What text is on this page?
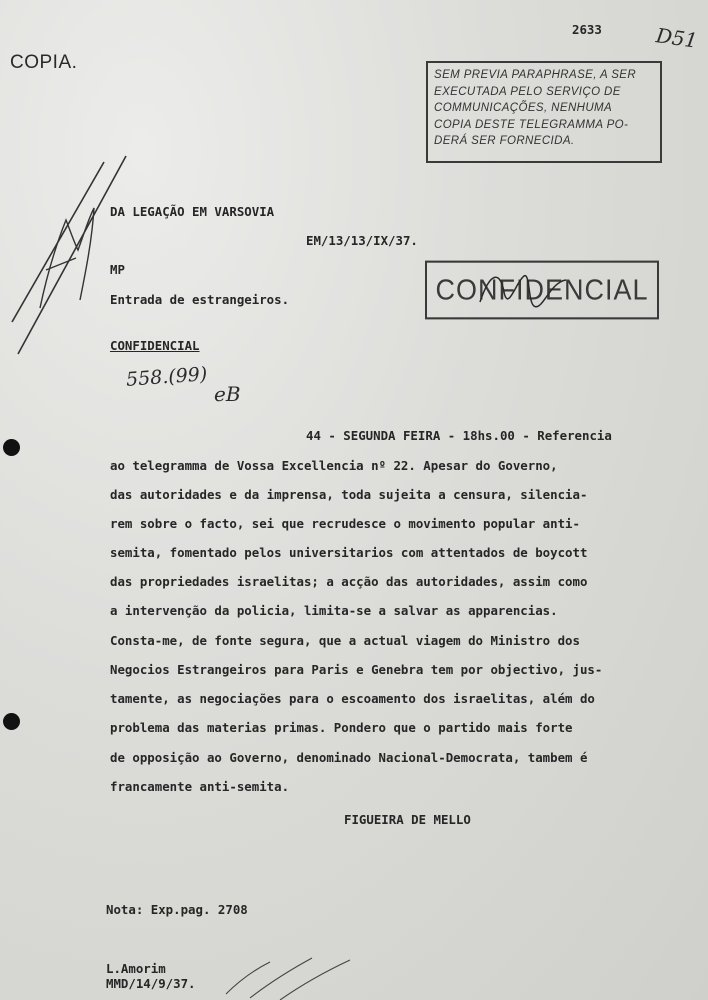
COPIA.
2633	D51
SEM PREVIA PARAPHRASE, A SER
EXECUTADA PELO SERVIÇO DE
COMMUNICAÇÕES, NENHUMA
COPIA DESTE TELEGRAMMA PO-
DERÁ SER FORNECIDA.
DA LEGAÇÃO EM VARSOVIA
EM/13/13/IX/37.
MP
Entrada de estrangeiros.	CONFIDENCIAL
CONFIDENCIAL
558.(99)
eB
44 - SEGUNDA FEIRA - 18hs.00 - Referencia
ao telegramma de Vossa Excellencia nº 22. Apesar do Governo,
das autoridades e da imprensa, toda sujeita a censura, silencia-
rem sobre o facto, sei que recrudesce o movimento popular anti-
semita, fomentado pelos universitarios com attentados de boycott
das propriedades israelitas; a acção das autoridades, assim como
a intervenção da policia, limita-se a salvar as apparencias.
Consta-me, de fonte segura, que a actual viagem do Ministro dos
Negocios Estrangeiros para Paris e Genebra tem por objectivo, jus-
tamente, as negociações para o escoamento dos israelitas, além do
problema das materias primas. Pondero que o partido mais forte
de opposição ao Governo, denominado Nacional-Democrata, tambem é
francamente anti-semita.
FIGUEIRA DE MELLO
Nota: Exp.pag. 2708
L.Amorim
MMD/14/9/37.
